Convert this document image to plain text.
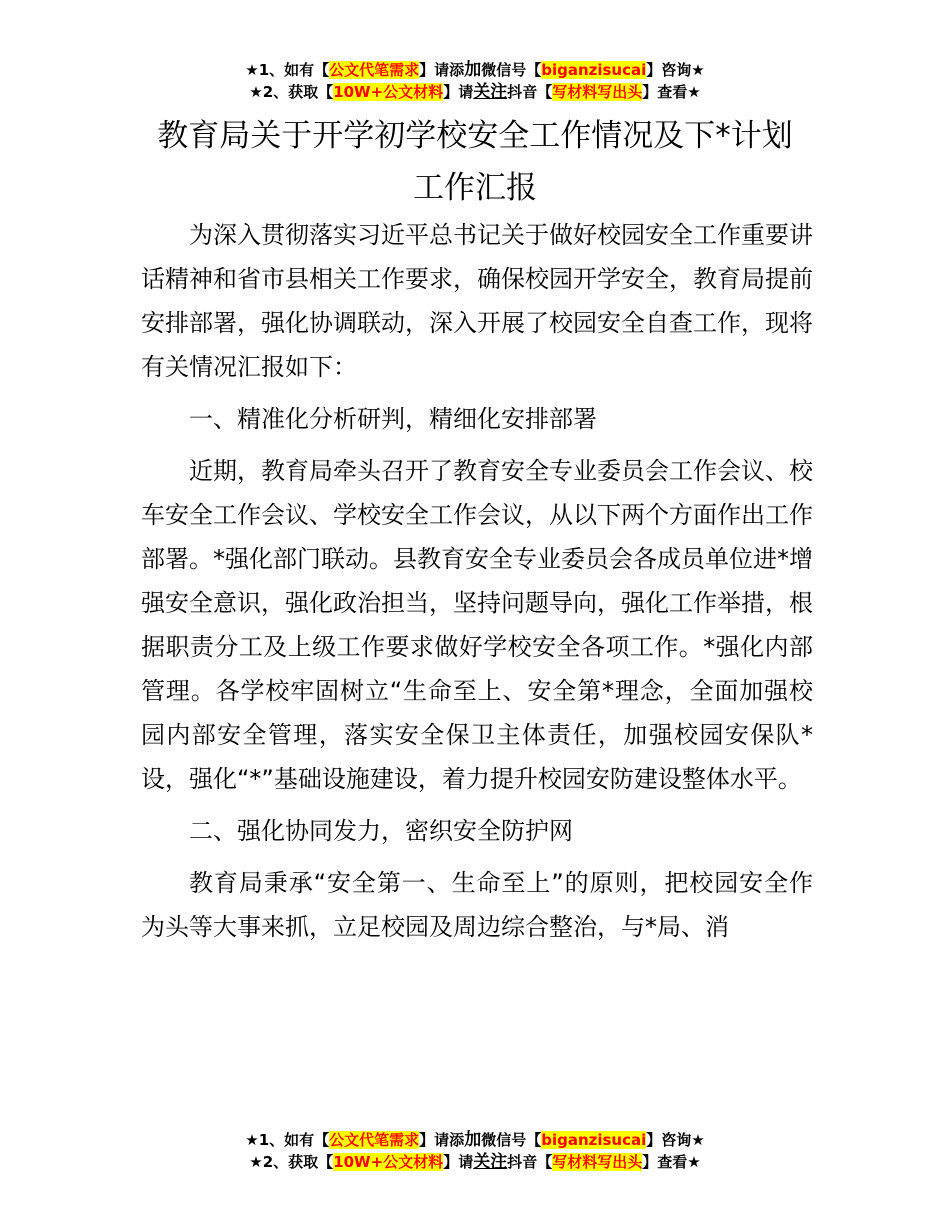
★1、如有【公文代笔需求】请添加微信号【biganzisucai】咨询★
★2、获取【10W+公文材料】请关注抖音【写材料写出头】查看★
教育局关于开学初学校安全工作情况及下*计划
工作汇报

为深入贯彻落实习近平总书记关于做好校园安全工作重要讲话精神和省市县相关工作要求，确保校园开学安全，教育局提前安排部署，强化协调联动，深入开展了校园安全自查工作，现将有关情况汇报如下：

一、精准化分析研判，精细化安排部署

近期，教育局牵头召开了教育安全专业委员会工作会议、校车安全工作会议、学校安全工作会议，从以下两个方面作出工作部署。*强化部门联动。县教育安全专业委员会各成员单位进*增强安全意识，强化政治担当，坚持问题导向，强化工作举措，根据职责分工及上级工作要求做好学校安全各项工作。*强化内部管理。各学校牢固树立“生命至上、安全第*理念，全面加强校园内部安全管理，落实安全保卫主体责任，加强校园安保队*设，强化“*”基础设施建设，着力提升校园安防建设整体水平。

二、强化协同发力，密织安全防护网

教育局秉承“安全第一、生命至上”的原则，把校园安全作为头等大事来抓，立足校园及周边综合整治，与*局、消

★1、如有【公文代笔需求】请添加微信号【biganzisucai】咨询★
★2、获取【10W+公文材料】请关注抖音【写材料写出头】查看★
